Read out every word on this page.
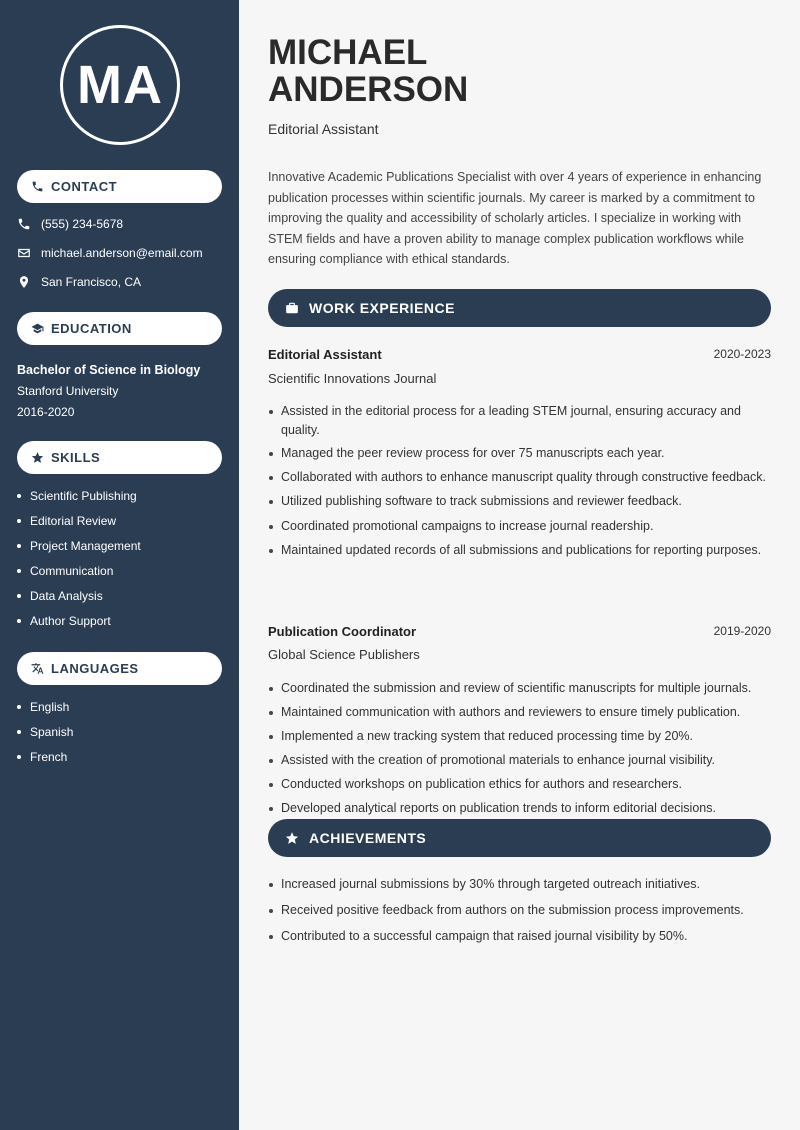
MA
CONTACT
(555) 234-5678
michael.anderson@email.com
San Francisco, CA
EDUCATION
Bachelor of Science in Biology
Stanford University
2016-2020
SKILLS
Scientific Publishing
Editorial Review
Project Management
Communication
Data Analysis
Author Support
LANGUAGES
English
Spanish
French
MICHAEL
ANDERSON
Editorial Assistant

Innovative Academic Publications Specialist with over 4 years of experience in enhancing publication processes within scientific journals. My career is marked by a commitment to improving the quality and accessibility of scholarly articles. I specialize in working with STEM fields and have a proven ability to manage complex publication workflows while ensuring compliance with ethical standards.

WORK EXPERIENCE
Editorial Assistant	2020-2023
Scientific Innovations Journal
Assisted in the editorial process for a leading STEM journal, ensuring accuracy and quality.
Managed the peer review process for over 75 manuscripts each year.
Collaborated with authors to enhance manuscript quality through constructive feedback.
Utilized publishing software to track submissions and reviewer feedback.
Coordinated promotional campaigns to increase journal readership.
Maintained updated records of all submissions and publications for reporting purposes.
Publication Coordinator	2019-2020
Global Science Publishers
Coordinated the submission and review of scientific manuscripts for multiple journals.
Maintained communication with authors and reviewers to ensure timely publication.
Implemented a new tracking system that reduced processing time by 20%.
Assisted with the creation of promotional materials to enhance journal visibility.
Conducted workshops on publication ethics for authors and researchers.
Developed analytical reports on publication trends to inform editorial decisions.
ACHIEVEMENTS
Increased journal submissions by 30% through targeted outreach initiatives.
Received positive feedback from authors on the submission process improvements.
Contributed to a successful campaign that raised journal visibility by 50%.
